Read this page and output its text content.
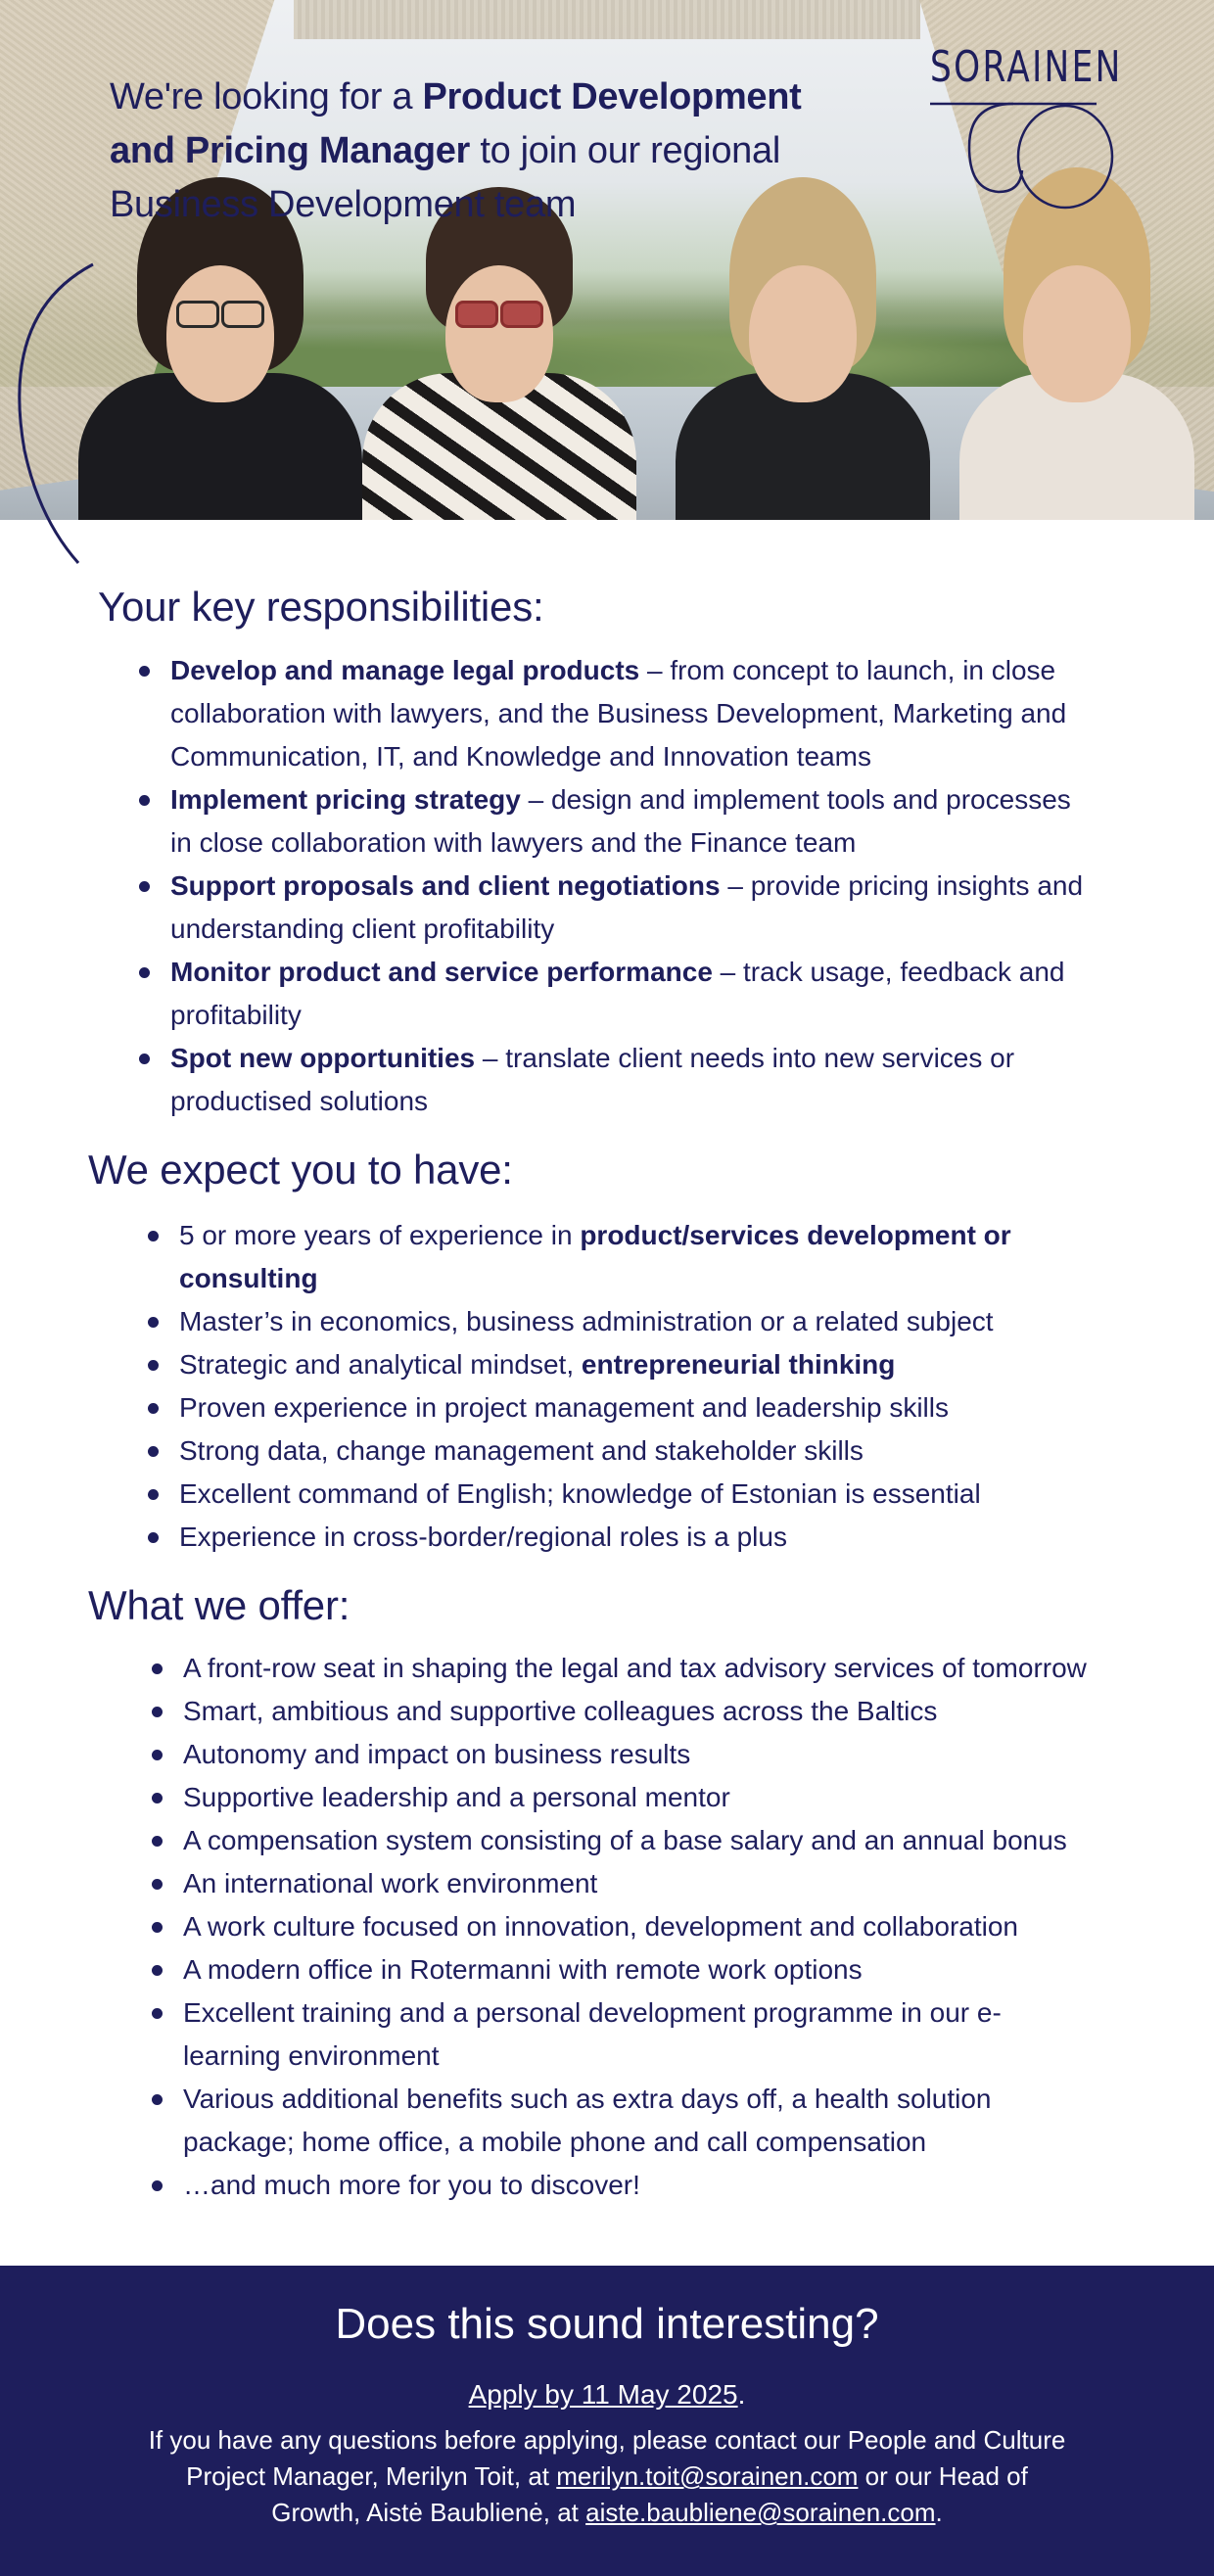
We're looking for a Product Development and Pricing Manager to join our regional Business Development team
SORAINEN
Your key responsibilities:
Develop and manage legal products – from concept to launch, in close collaboration with lawyers, and the Business Development, Marketing and Communication, IT, and Knowledge and Innovation teams
Implement pricing strategy – design and implement tools and processes in close collaboration with lawyers and the Finance team
Support proposals and client negotiations – provide pricing insights and understanding client profitability
Monitor product and service performance – track usage, feedback and profitability
Spot new opportunities – translate client needs into new services or productised solutions
We expect you to have:
5 or more years of experience in product/services development or consulting
Master’s in economics, business administration or a related subject
Strategic and analytical mindset, entrepreneurial thinking
Proven experience in project management and leadership skills
Strong data, change management and stakeholder skills
Excellent command of English; knowledge of Estonian is essential
Experience in cross-border/regional roles is a plus
What we offer:
A front-row seat in shaping the legal and tax advisory services of tomorrow
Smart, ambitious and supportive colleagues across the Baltics
Autonomy and impact on business results
Supportive leadership and a personal mentor
A compensation system consisting of a base salary and an annual bonus
An international work environment
A work culture focused on innovation, development and collaboration
A modern office in Rotermanni with remote work options
Excellent training and a personal development programme in our e-learning environment
Various additional benefits such as extra days off, a health solution package; home office, a mobile phone and call compensation
…and much more for you to discover!
Does this sound interesting?
Apply by 11 May 2025.
If you have any questions before applying, please contact our People and Culture Project Manager, Merilyn Toit, at merilyn.toit@sorainen.com or our Head of Growth, Aistė Baublienė, at aiste.baubliene@sorainen.com.
